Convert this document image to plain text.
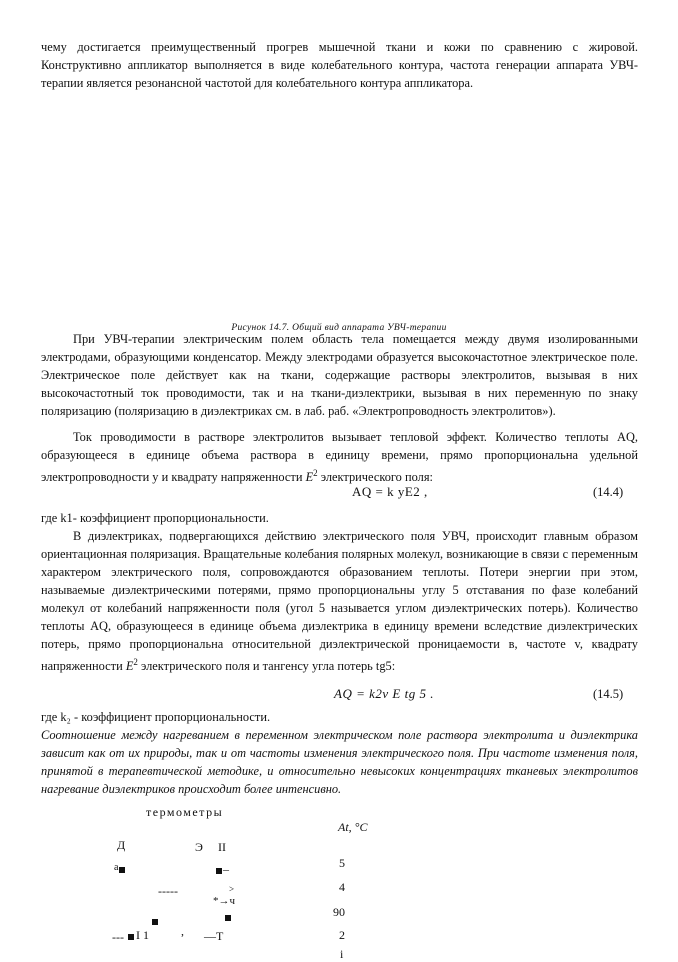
чему достигается преимущественный прогрев мышечной ткани и кожи по сравнению с жировой. Конструктивно аппликатор выполняется в виде колебательного контура, частота генерации аппарата УВЧ-терапии является резонансной частотой для колебательного контура аппликатора.

Рисунок 14.7. Общий вид аппарата УВЧ-терапии

При УВЧ-терапии электрическим полем область тела помещается между двумя изолированными электродами, образующими конденсатор. Между электродами образуется высокочастотное электрическое поле. Электрическое поле действует как на ткани, содержащие растворы электролитов, вызывая в них высокочастотный ток проводимости, так и на ткани-диэлектрики, вызывая в них переменную по знаку поляризацию (поляризацию в диэлектриках см. в лаб. раб. «Электропроводность электролитов»).

Ток проводимости в растворе электролитов вызывает тепловой эффект. Количество теплоты AQ, образующееся в единице объема раствора в единицу времени, прямо пропорциональна удельной электропроводности у и квадрату напряженности $E^2$ электрического поля:

AQ = k yE2 ,	(14.4)

где k1- коэффициент пропорциональности.

В диэлектриках, подвергающихся действию электрического поля УВЧ, происходит главным образом ориентационная поляризация. Вращательные колебания полярных молекул, возникающие в связи с переменным характером электрического поля, сопровождаются образованием теплоты. Потери энергии при этом, называемые диэлектрическими потерями, прямо пропорциональны углу 5 отставания по фазе колебаний молекул от колебаний напряженности поля (угол 5 называется углом диэлектрических потерь). Количество теплоты AQ, образующееся в единице объема диэлектрика в единицу времени вследствие диэлектрических потерь, прямо пропорциональна относительной диэлектрической проницаемости в, частоте v, квадрату напряженности $E^2$ электрического поля и тангенсу угла потерь tg5:

AQ = k2v E tg 5 .	(14.5)

где k₂ - коэффициент пропорциональности.

Соотношение между нагреванием в переменном электрическом поле раствора электролита и диэлектрика зависит как от их природы, так и от частоты изменения электрического поля. При частоте изменения поля, принятой в терапевтической методике, и относительно невысоких концентрациях тканевых электролитов нагревание диэлектриков происходит более интенсивно.

термометры
At, °C
Д	Э II
а	–
-----	>
*→ч
--- I 1	, —T
5
4
90
2
i
